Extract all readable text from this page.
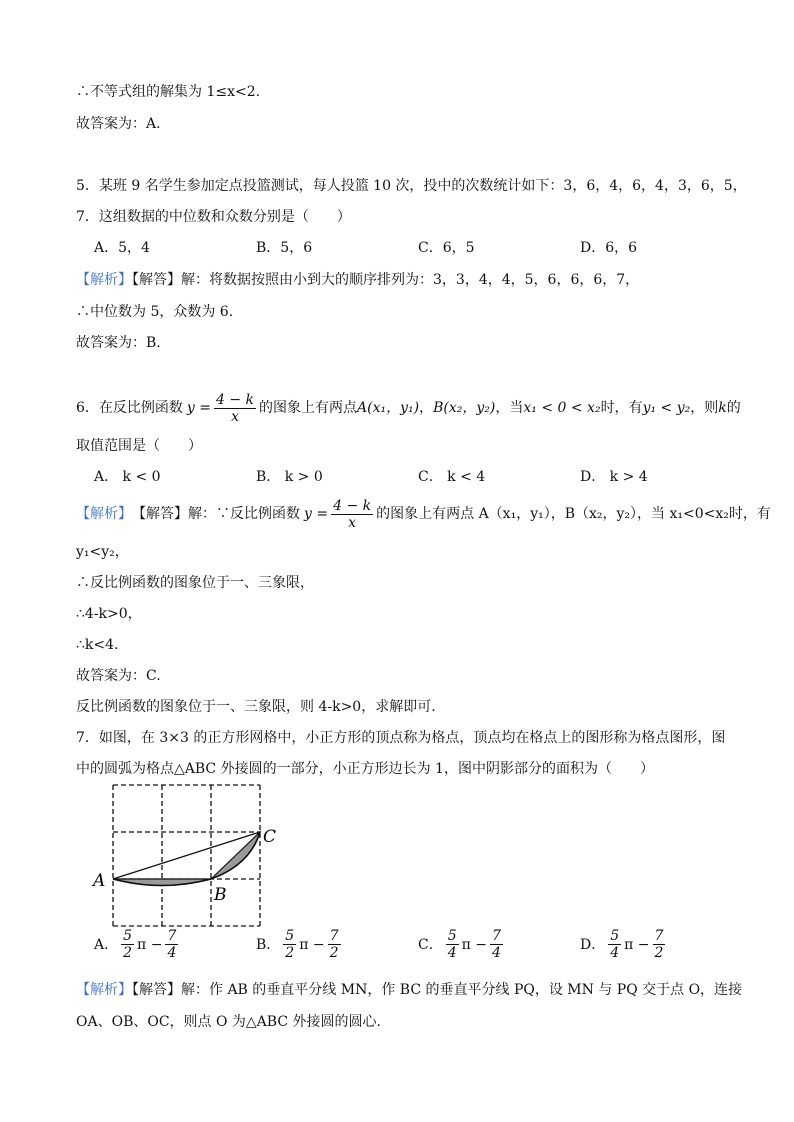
∴不等式组的解集为 1≤x<2.
故答案为：A.
5．某班 9 名学生参加定点投篮测试，每人投篮 10 次，投中的次数统计如下：3，6，4，6，4，3，6，5，
7．这组数据的中位数和众数分别是（　　）
A．5，4	B．5，6	C．6，5	D．6，6
【解析】【解答】解：将数据按照由小到大的顺序排列为：3，3，4，4，5，6，6，6，7，
∴中位数为 5，众数为 6.
故答案为：B.
6．在反比例函数 $y = \frac{4 - k}{x}$ 的图象上有两点 A(x₁，y₁) ， B(x₂，y₂) ，当 x₁ < 0 < x₂ 时，有 y₁ < y₂ ，则 k 的
取值范围是（　　）
A． k < 0	B． k > 0	C． k < 4	D． k > 4
【解析】 【解答】解：∵反比例函数 $y = \frac{4 - k}{x}$ 的图象上有两点 A（x₁，y₁），B（x₂，y₂），当 x₁<0<x₂时，有
y₁<y₂，
∴反比例函数的图象位于一、三象限，
∴4-k>0，
∴k<4.
故答案为：C.
反比例函数的图象位于一、三象限，则 4-k>0，求解即可.
7．如图，在 3×3 的正方形网格中，小正方形的顶点称为格点，顶点均在格点上的图形称为格点图形，图
中的圆弧为格点△ABC 外接圆的一部分，小正方形边长为 1，图中阴影部分的面积为（　　）
A
B
C
A． $\frac{5}{2}$ $\pi - \frac{7}{4}$	B． $\frac{5}{2}$ $\pi - \frac{7}{2}$	C． $\frac{5}{4}$ $\pi - \frac{7}{4}$	D． $\frac{5}{4}$ $\pi - \frac{7}{2}$
【解析】【解答】解：作 AB 的垂直平分线 MN，作 BC 的垂直平分线 PQ，设 MN 与 PQ 交于点 O，连接
OA、OB、OC，则点 O 为△ABC 外接圆的圆心.
